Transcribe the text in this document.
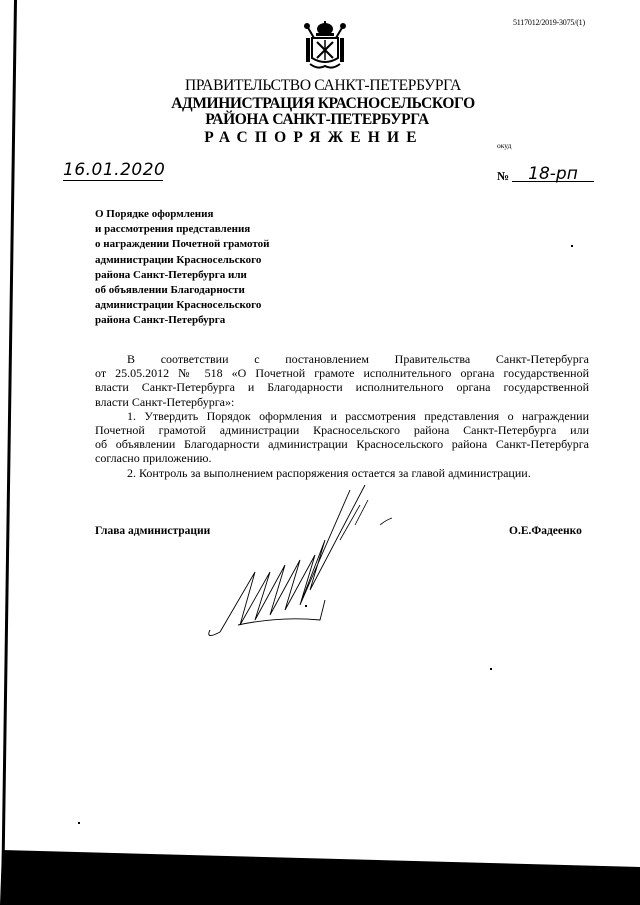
5117012/2019-3075/(1)
ПРАВИТЕЛЬСТВО САНКТ-ПЕТЕРБУРГА
АДМИНИСТРАЦИЯ КРАСНОСЕЛЬСКОГО
РАЙОНА САНКТ-ПЕТЕРБУРГА
РАСПОРЯЖЕНИЕ	окуд
16.01.2020	№	18-рп
О Порядке оформления
и рассмотрения представления
о награждении Почетной грамотой
администрации Красносельского
района Санкт-Петербурга или
об объявлении Благодарности
администрации Красносельского
района Санкт-Петербурга
В соответствии с постановлением Правительства Санкт-Петербурга
от 25.05.2012 № 518 «О Почетной грамоте исполнительного органа государственной
власти Санкт-Петербурга и Благодарности исполнительного органа государственной
власти Санкт-Петербурга»:
1. Утвердить Порядок оформления и рассмотрения представления о награждении
Почетной грамотой администрации Красносельского района Санкт-Петербурга или
об объявлении Благодарности администрации Красносельского района Санкт-Петербурга
согласно приложению.
2. Контроль за выполнением распоряжения остается за главой администрации.
Глава администрации	О.Е.Фадеенко
